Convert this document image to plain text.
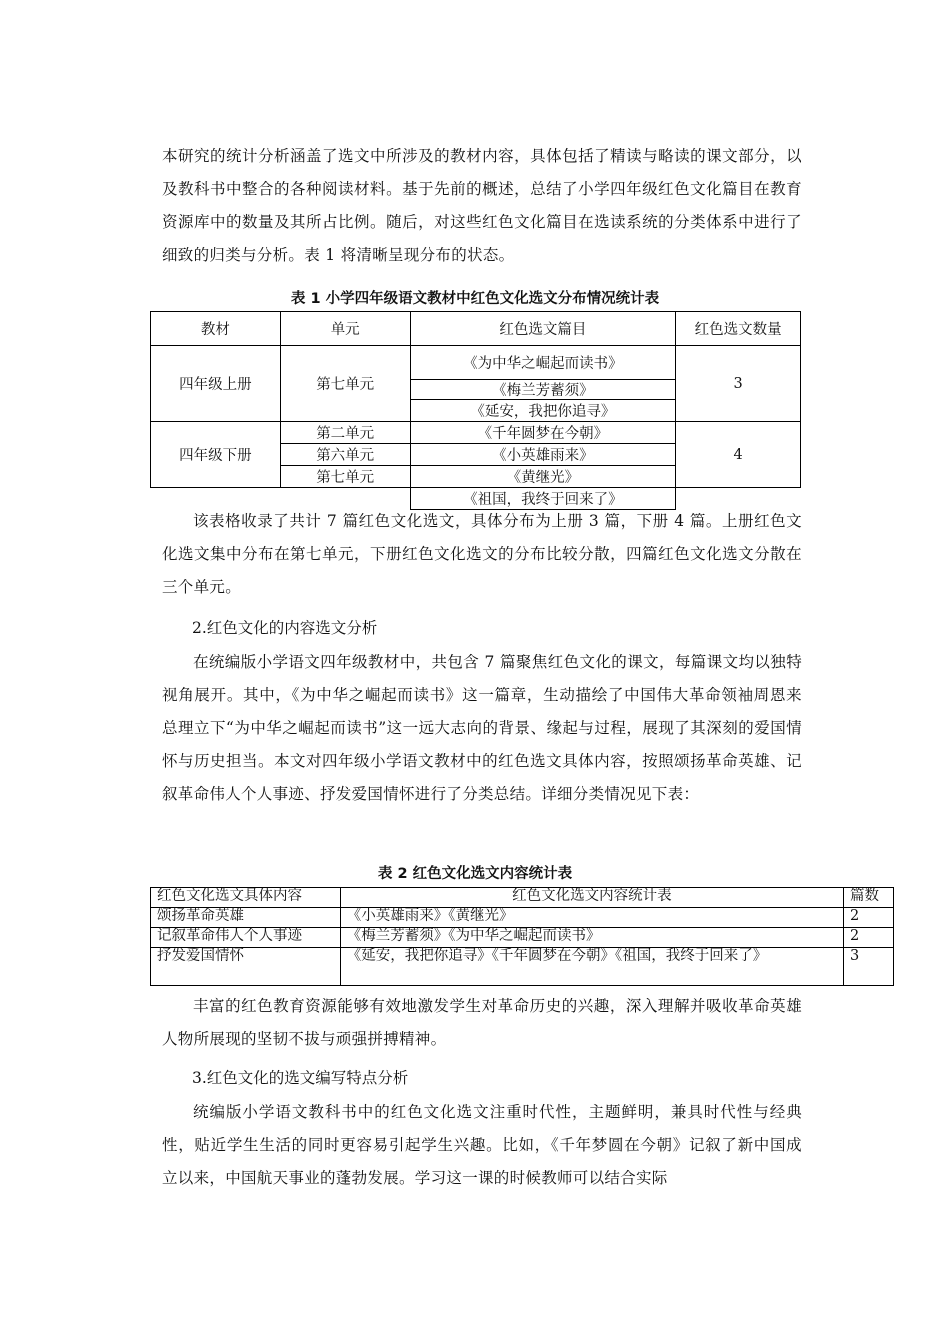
本研究的统计分析涵盖了选文中所涉及的教材内容，具体包括了精读与略读的课文部分，以及教科书中整合的各种阅读材料。基于先前的概述，总结了小学四年级红色文化篇目在教育资源库中的数量及其所占比例。随后，对这些红色文化篇目在选读系统的分类体系中进行了细致的归类与分析。表 1 将清晰呈现分布的状态。

表 1 小学四年级语文教材中红色文化选文分布情况统计表
教材	单元	红色选文篇目	红色选文数量
四年级上册	第七单元	《为中华之崛起而读书》	3
		《梅兰芳蓄须》	
		《延安，我把你追寻》	
四年级下册	第二单元	《千年圆梦在今朝》	4
	第六单元	《小英雄雨来》	
	第七单元	《黄继光》	
		《祖国，我终于回来了》	

该表格收录了共计 7 篇红色文化选文，具体分布为上册 3 篇，下册 4 篇。上册红色文化选文集中分布在第七单元，下册红色文化选文的分布比较分散，四篇红色文化选文分散在三个单元。

2.红色文化的内容选文分析

在统编版小学语文四年级教材中，共包含 7 篇聚焦红色文化的课文，每篇课文均以独特视角展开。其中，《为中华之崛起而读书》这一篇章，生动描绘了中国伟大革命领袖周恩来总理立下“为中华之崛起而读书”这一远大志向的背景、缘起与过程，展现了其深刻的爱国情怀与历史担当。本文对四年级小学语文教材中的红色选文具体内容，按照颂扬革命英雄、记叙革命伟人个人事迹、抒发爱国情怀进行了分类总结。详细分类情况见下表：

表 2 红色文化选文内容统计表
红色文化选文具体内容	红色文化选文内容统计表	篇数
颂扬革命英雄	《小英雄雨来》《黄继光》	2
记叙革命伟人个人事迹	《梅兰芳蓄须》《为中华之崛起而读书》	2
抒发爱国情怀	《延安，我把你追寻》《千年圆梦在今朝》《祖国，我终于回来了》	3

丰富的红色教育资源能够有效地激发学生对革命历史的兴趣，深入理解并吸收革命英雄人物所展现的坚韧不拔与顽强拼搏精神。

3.红色文化的选文编写特点分析

统编版小学语文教科书中的红色文化选文注重时代性，主题鲜明，兼具时代性与经典性，贴近学生生活的同时更容易引起学生兴趣。比如，《千年梦圆在今朝》记叙了新中国成立以来，中国航天事业的蓬勃发展。学习这一课的时候教师可以结合实际
